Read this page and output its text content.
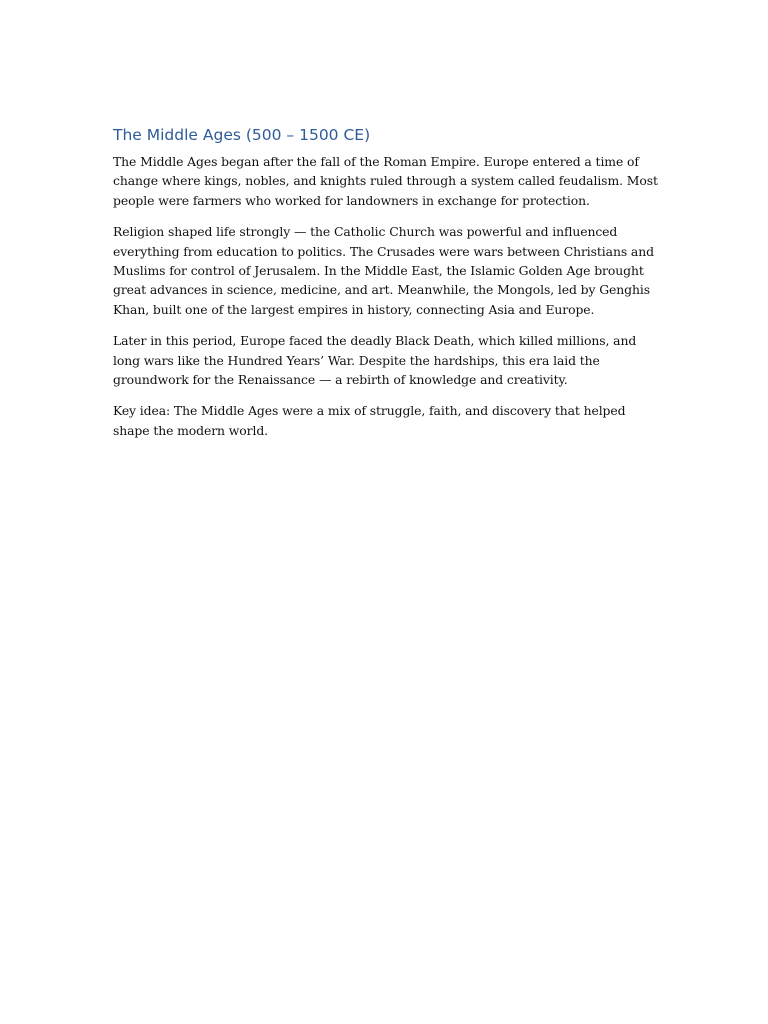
The Middle Ages (500 – 1500 CE)

The Middle Ages began after the fall of the Roman Empire. Europe entered a time of change where kings, nobles, and knights ruled through a system called feudalism. Most people were farmers who worked for landowners in exchange for protection.

Religion shaped life strongly — the Catholic Church was powerful and influenced everything from education to politics. The Crusades were wars between Christians and Muslims for control of Jerusalem. In the Middle East, the Islamic Golden Age brought great advances in science, medicine, and art. Meanwhile, the Mongols, led by Genghis Khan, built one of the largest empires in history, connecting Asia and Europe.

Later in this period, Europe faced the deadly Black Death, which killed millions, and long wars like the Hundred Years’ War. Despite the hardships, this era laid the groundwork for the Renaissance — a rebirth of knowledge and creativity.

Key idea: The Middle Ages were a mix of struggle, faith, and discovery that helped shape the modern world.
